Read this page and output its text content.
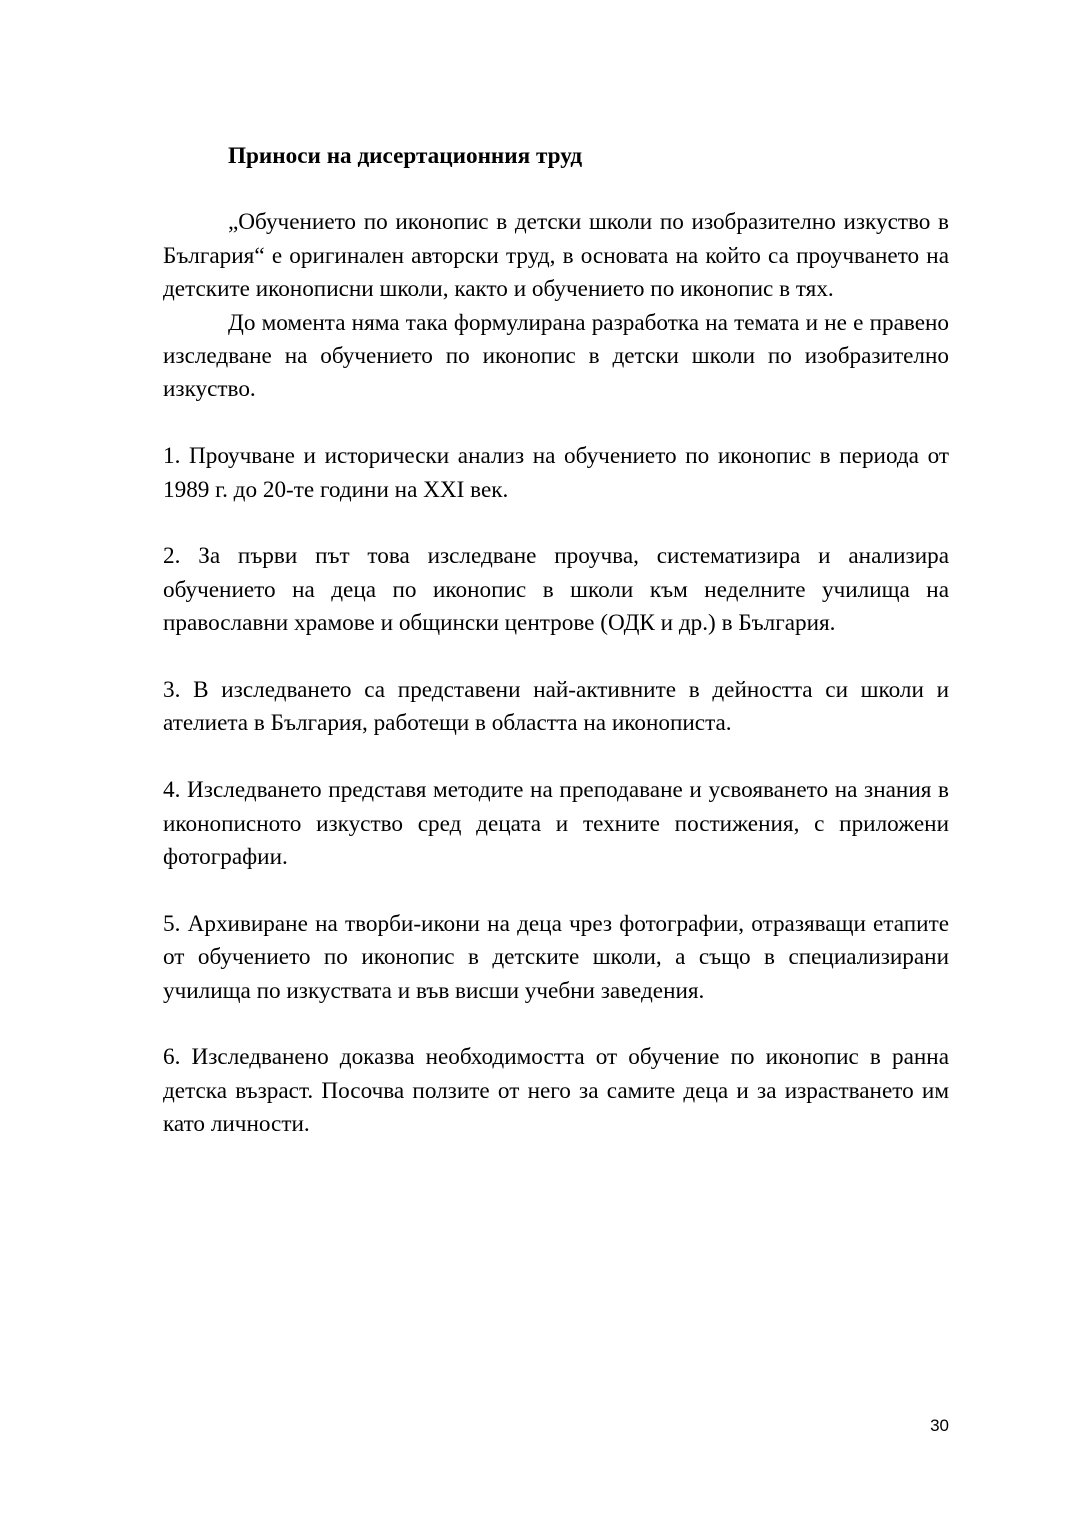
Приноси на дисертационния труд

„Обучението по иконопис в детски школи по изобразително изкуство в България“ е оригинален авторски труд, в основата на който са проучването на детските иконописни школи, както и обучението по иконопис в тях.

До момента няма така формулирана разработка на темата и не е правено изследване на обучението по иконопис в детски школи по изобразително изкуство.

1. Проучване и исторически анализ на обучението по иконопис в периода от 1989 г. до 20-те години на XXI век.

2. За първи път това изследване проучва, систематизира и анализира обучението на деца по иконопис в школи към неделните училища на православни храмове и общински центрове (ОДК и др.) в България.

3. В изследването са представени най-активните в дейността си школи и ателиета в България, работещи в областта на иконописта.

4. Изследването представя методите на преподаване и усвояването на знания в иконописното изкуство сред децата и техните постижения, с приложени фотографии.

5. Архивиране на творби-икони на деца чрез фотографии, отразяващи етапите от обучението по иконопис в детските школи, а също в специализирани училища по изкуствата и във висши учебни заведения.

6. Изследванено доказва необходимостта от обучение по иконопис в ранна детска възраст. Посочва ползите от него за самите деца и за израстването им като личности.

30
